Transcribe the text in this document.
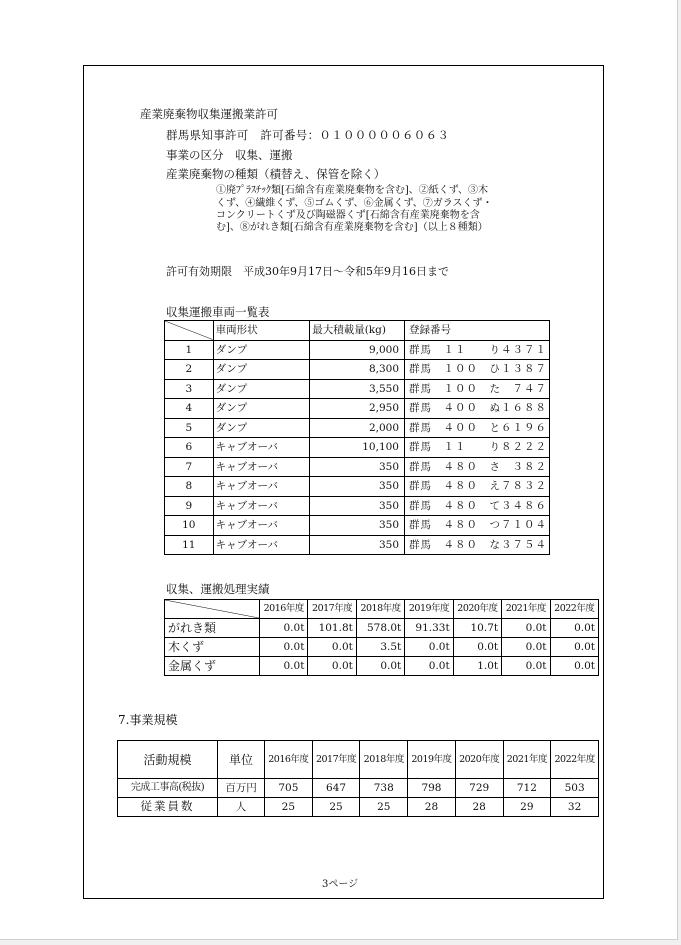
産業廃棄物収集運搬業許可
群馬県知事許可　許可番号：０１０００００６０６３
事業の区分　収集、運搬
産業廃棄物の種類（積替え、保管を除く）
①廃ﾌﾟﾗｽﾁｯｸ類[石綿含有産業廃棄物を含む]、②紙くず、③木
くず、④繊維くず、⑤ゴムくず、⑥金属くず、⑦ガラスくず・
コンクリートくず及び陶磁器くず[石綿含有産業廃棄物を含
む]、⑧がれき類[石綿含有産業廃棄物を含む]（以上８種類）
許可有効期限　平成30年9月17日～令和5年9月16日まで
収集運搬車両一覧表
	車両形状	最大積載量(kg)	登録番号
1	ダンプ	9,000	群馬　１１　　り４３７１
2	ダンプ	8,300	群馬　１００　ひ１３８７
3	ダンプ	3,550	群馬　１００　た　７４７
4	ダンプ	2,950	群馬　４００　ぬ１６８８
5	ダンプ	2,000	群馬　４００　と６１９６
6	キャブオーバ	10,100	群馬　１１　　り８２２２
7	キャブオーバ	350	群馬　４８０　さ　３８２
8	キャブオーバ	350	群馬　４８０　え７８３２
9	キャブオーバ	350	群馬　４８０　て３４８６
10	キャブオーバ	350	群馬　４８０　つ７１０４
11	キャブオーバ	350	群馬　４８０　な３７５４
収集、運搬処理実績
	2016年度	2017年度	2018年度	2019年度	2020年度	2021年度	2022年度
がれき類	0.0t	101.8t	578.0t	91.33t	10.7t	0.0t	0.0t
木くず	0.0t	0.0t	3.5t	0.0t	0.0t	0.0t	0.0t
金属くず	0.0t	0.0t	0.0t	0.0t	1.0t	0.0t	0.0t
7.事業規模
活動規模	単位	2016年度	2017年度	2018年度	2019年度	2020年度	2021年度	2022年度
完成工事高(税抜)	百万円	705	647	738	798	729	712	503
従業員数	人	25	25	25	28	28	29	32
3ページ
